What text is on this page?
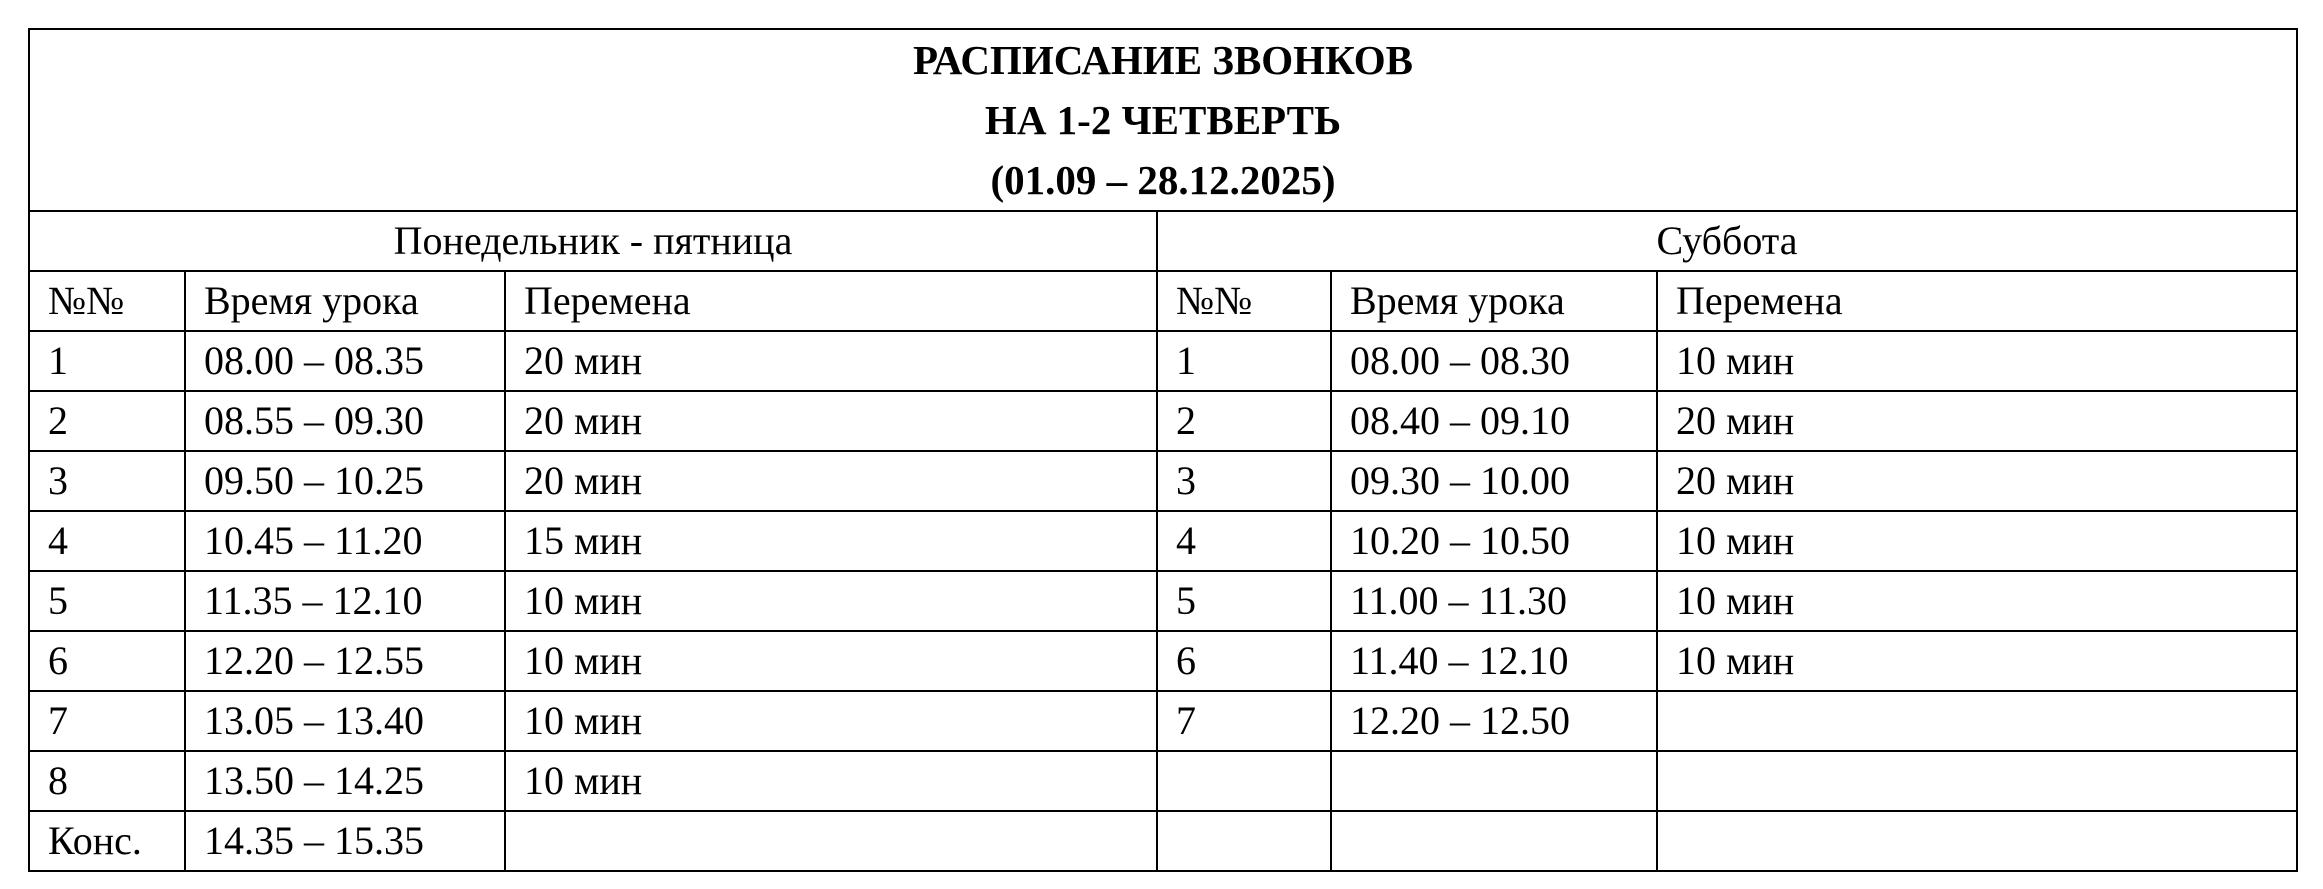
РАСПИСАНИЕ ЗВОНКОВ
НА 1-2 ЧЕТВЕРТЬ
(01.09 – 28.12.2025)					

Понедельник - пятница			Суббота		
№№	Время урока	Перемена	№№	Время урока	Перемена
1	08.00 – 08.35	20 мин	1	08.00 – 08.30	10 мин
2	08.55 – 09.30	20 мин	2	08.40 – 09.10	20 мин
3	09.50 – 10.25	20 мин	3	09.30 – 10.00	20 мин
4	10.45 – 11.20	15 мин	4	10.20 – 10.50	10 мин
5	11.35 – 12.10	10 мин	5	11.00 – 11.30	10 мин
6	12.20 – 12.55	10 мин	6	11.40 – 12.10	10 мин
7	13.05 – 13.40	10 мин	7	12.20 – 12.50	
8	13.50 – 14.25	10 мин			
Конс.	14.35 – 15.35				
